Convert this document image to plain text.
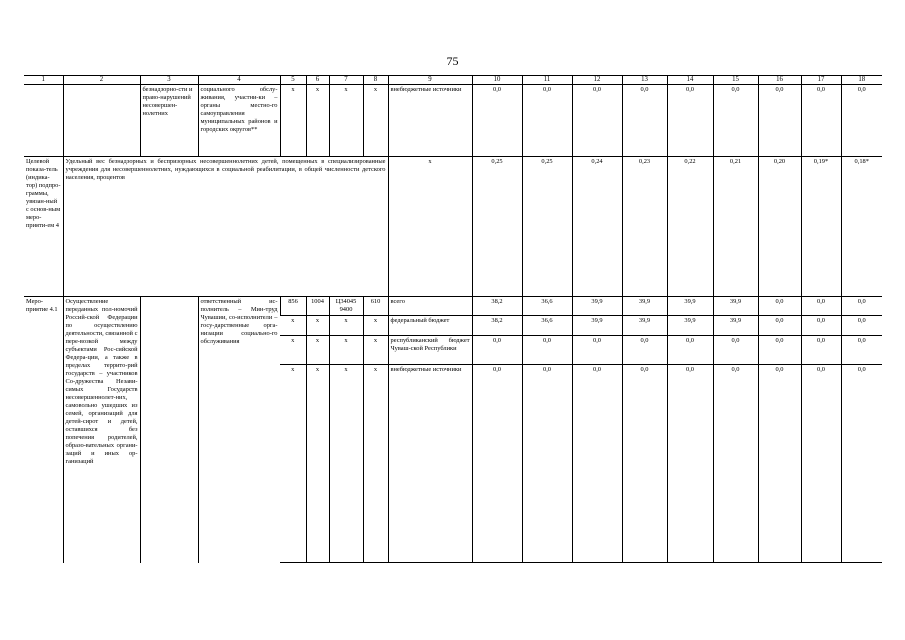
75
1	2	3	4	5	6	7	8	9	10	11	12	13	14	15	16	17	18
		безнадзорно-сти и право-нарушений несовершен-нолетних	социального обслу-живания, участни-ки – органы местно-го самоуправления муниципальных районов и городских округов**	x	x	x	x	внебюджетные источники	0,0	0,0	0,0	0,0	0,0	0,0	0,0	0,0	0,0
Целевой показа-тель (индика-тор) подпро-граммы, увязан-ный с основ-ным меро-прияти-ем 4	Удельный вес безнадзорных и беспризорных несовершеннолетних детей, помещенных в специализированные учреждения для несовершеннолетних, нуждающихся в социальной реабилитации, в общей численности детского населения, процентов							x	0,25	0,25	0,24	0,23	0,22	0,21	0,20	0,19*	0,18*
Меро-приятие 4.1	Осуществление переданных пол-номочий Россий-ской Федерации по осуществлению деятельности, связанной с пере-возкой между субъектами Рос-сийской Федера-ции, а также в пределах террито-рий государств – участников Со-дружества Незави-симых Государств несовершеннолет-них, самовольно ушедших из семей, организаций для детей-сирот и детей, оставшихся без попечения родителей, образо-вательных органи-заций и иных ор-ганизаций		ответственный ис-полнитель – Мин-труд Чувашии, со-исполнители – госу-дарственные орга-низации социально-го обслуживания	856	1004	Ц34045 9400	610	всего	38,2	36,6	39,9	39,9	39,9	39,9	0,0	0,0	0,0
				x	x	x	x	федеральный бюджет	38,2	36,6	39,9	39,9	39,9	39,9	0,0	0,0	0,0
				x	x	x	x	республиканский бюджет Чуваш-ской Республики	0,0	0,0	0,0	0,0	0,0	0,0	0,0	0,0	0,0
				x	x	x	x	внебюджетные источники	0,0	0,0	0,0	0,0	0,0	0,0	0,0	0,0	0,0
